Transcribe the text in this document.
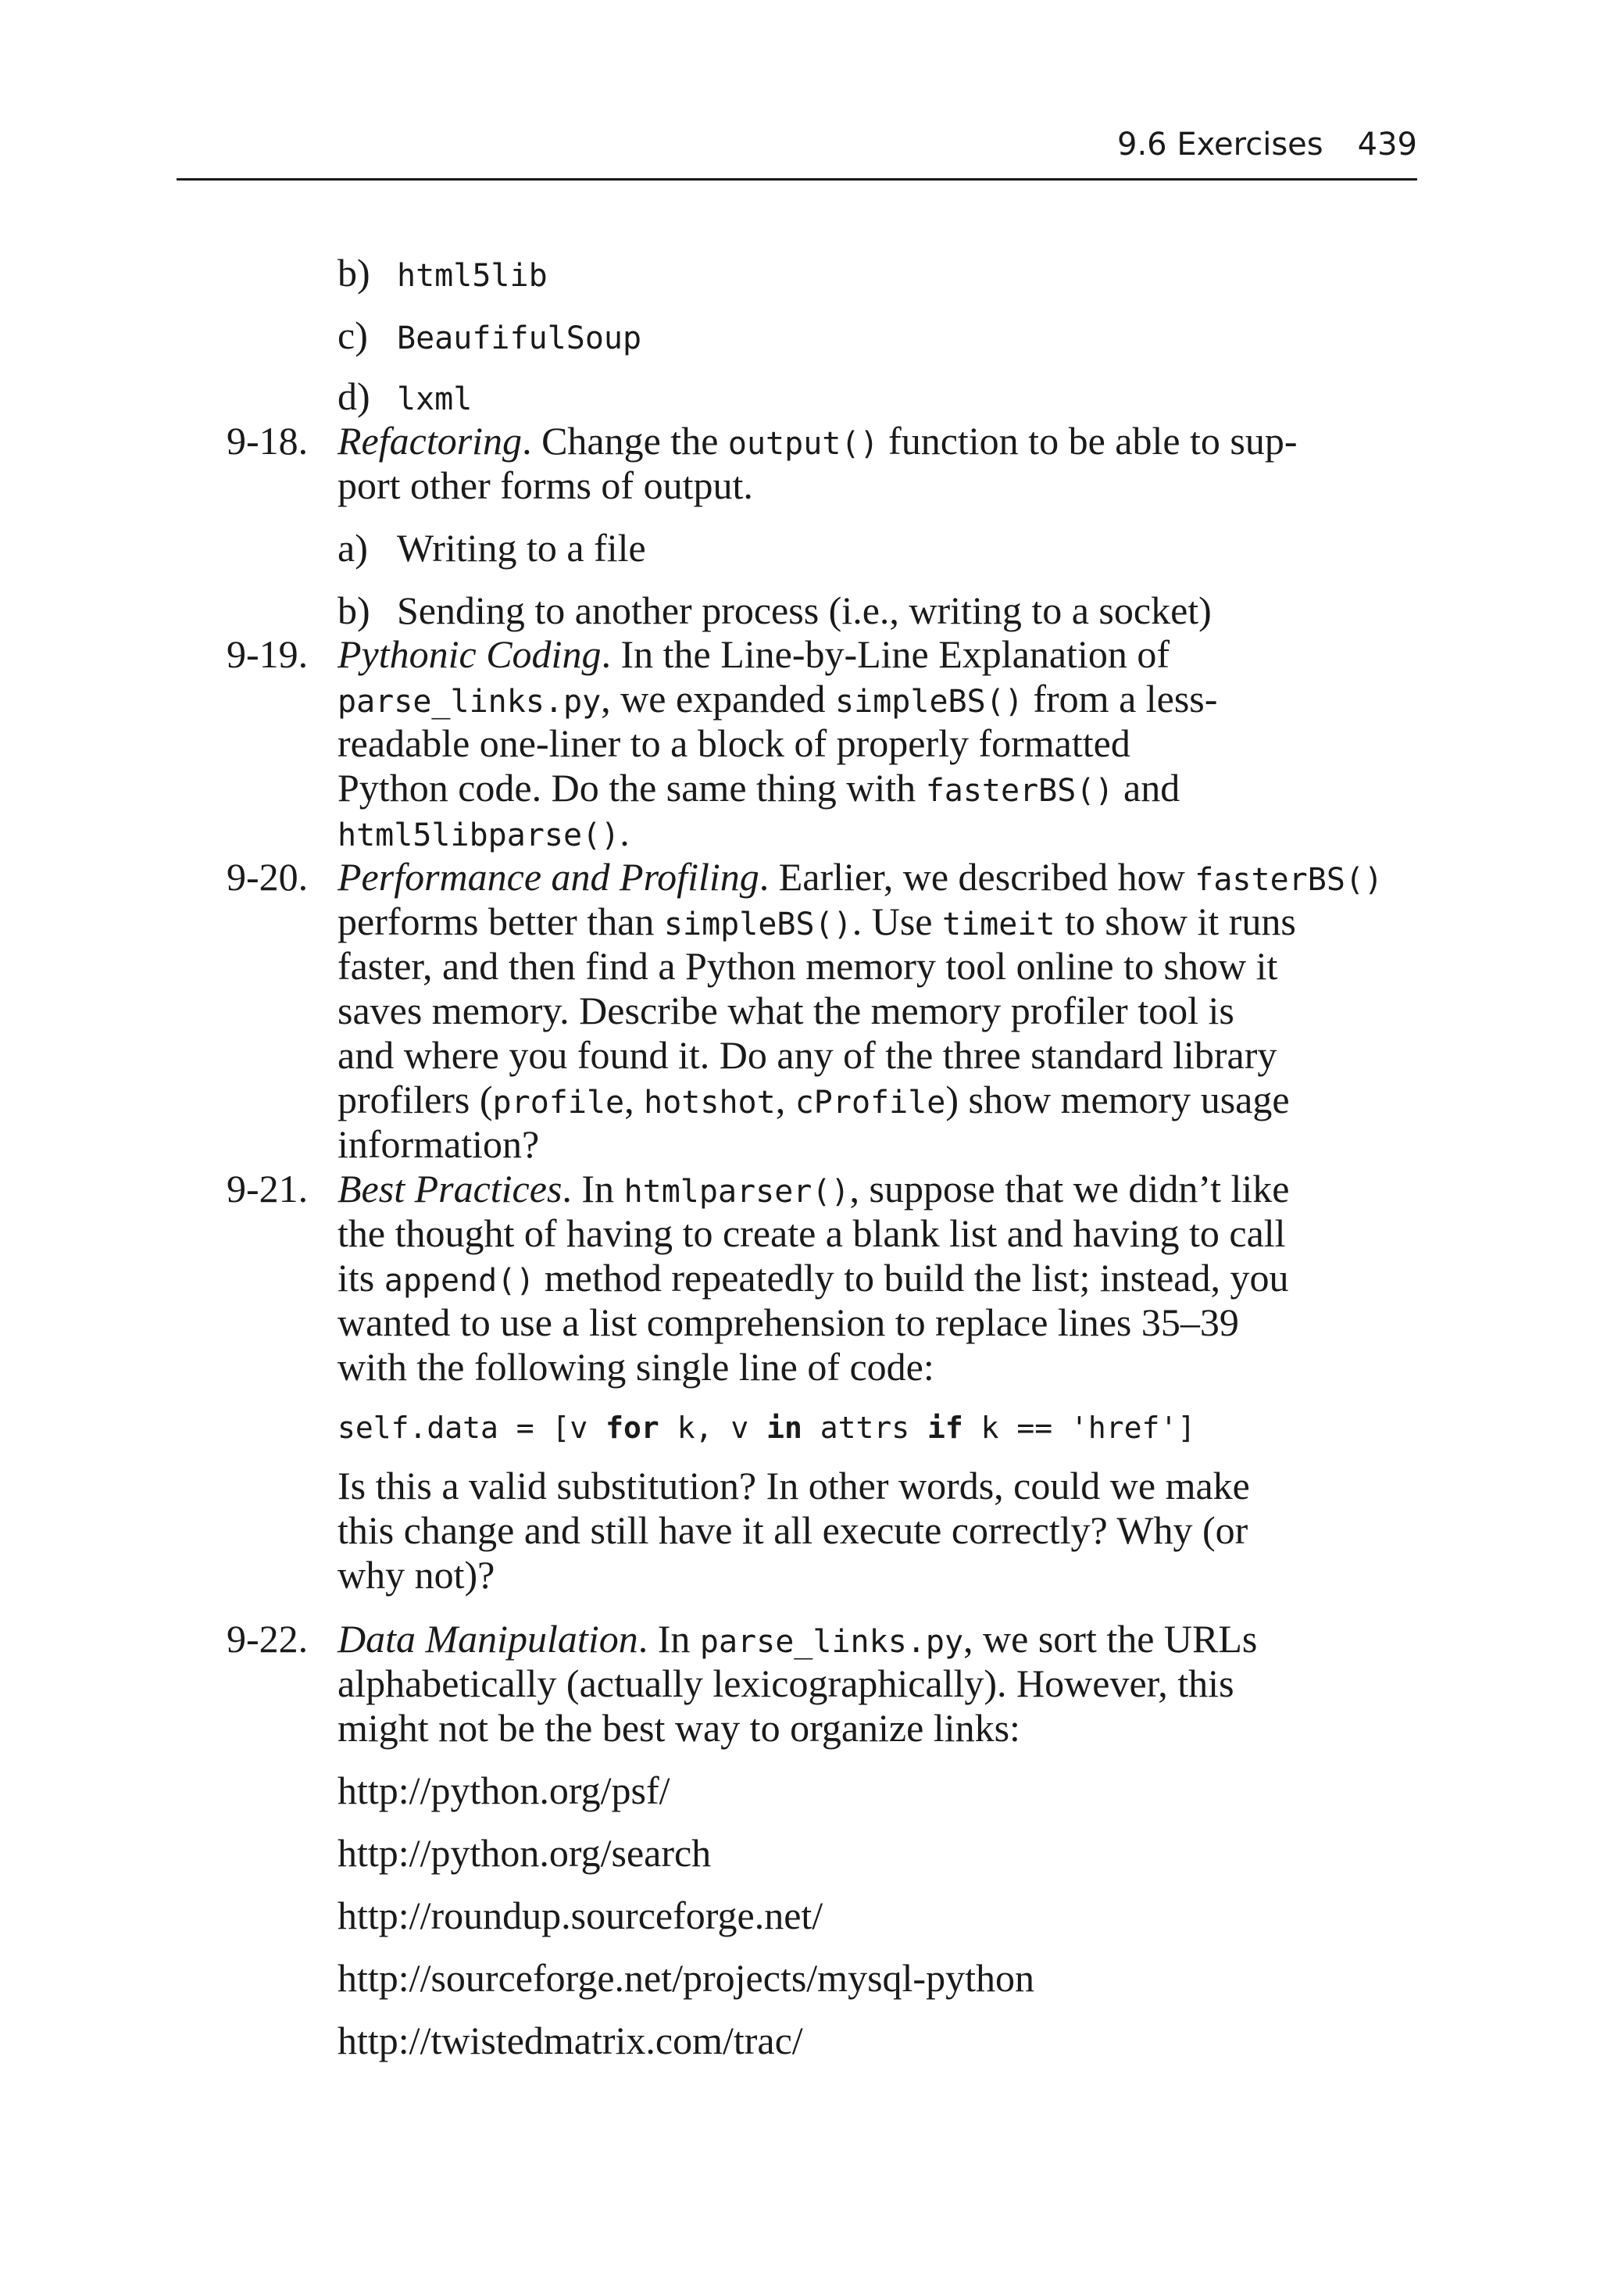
9.6 Exercises 439
b) html5lib
c) BeaufifulSoup
d) lxml
9-18. Refactoring. Change the output() function to be able to sup-
port other forms of output.
a) Writing to a file
b) Sending to another process (i.e., writing to a socket)
9-19. Pythonic Coding. In the Line-by-Line Explanation of
parse_links.py, we expanded simpleBS() from a less-
readable one-liner to a block of properly formatted
Python code. Do the same thing with fasterBS() and
html5libparse().
9-20. Performance and Profiling. Earlier, we described how fasterBS()
performs better than simpleBS(). Use timeit to show it runs
faster, and then find a Python memory tool online to show it
saves memory. Describe what the memory profiler tool is
and where you found it. Do any of the three standard library
profilers (profile, hotshot, cProfile) show memory usage
information?
9-21. Best Practices. In htmlparser(), suppose that we didn’t like
the thought of having to create a blank list and having to call
its append() method repeatedly to build the list; instead, you
wanted to use a list comprehension to replace lines 35–39
with the following single line of code:
self.data = [v for k, v in attrs if k == 'href']
Is this a valid substitution? In other words, could we make
this change and still have it all execute correctly? Why (or
why not)?
9-22. Data Manipulation. In parse_links.py, we sort the URLs
alphabetically (actually lexicographically). However, this
might not be the best way to organize links:
http://python.org/psf/
http://python.org/search
http://roundup.sourceforge.net/
http://sourceforge.net/projects/mysql-python
http://twistedmatrix.com/trac/
